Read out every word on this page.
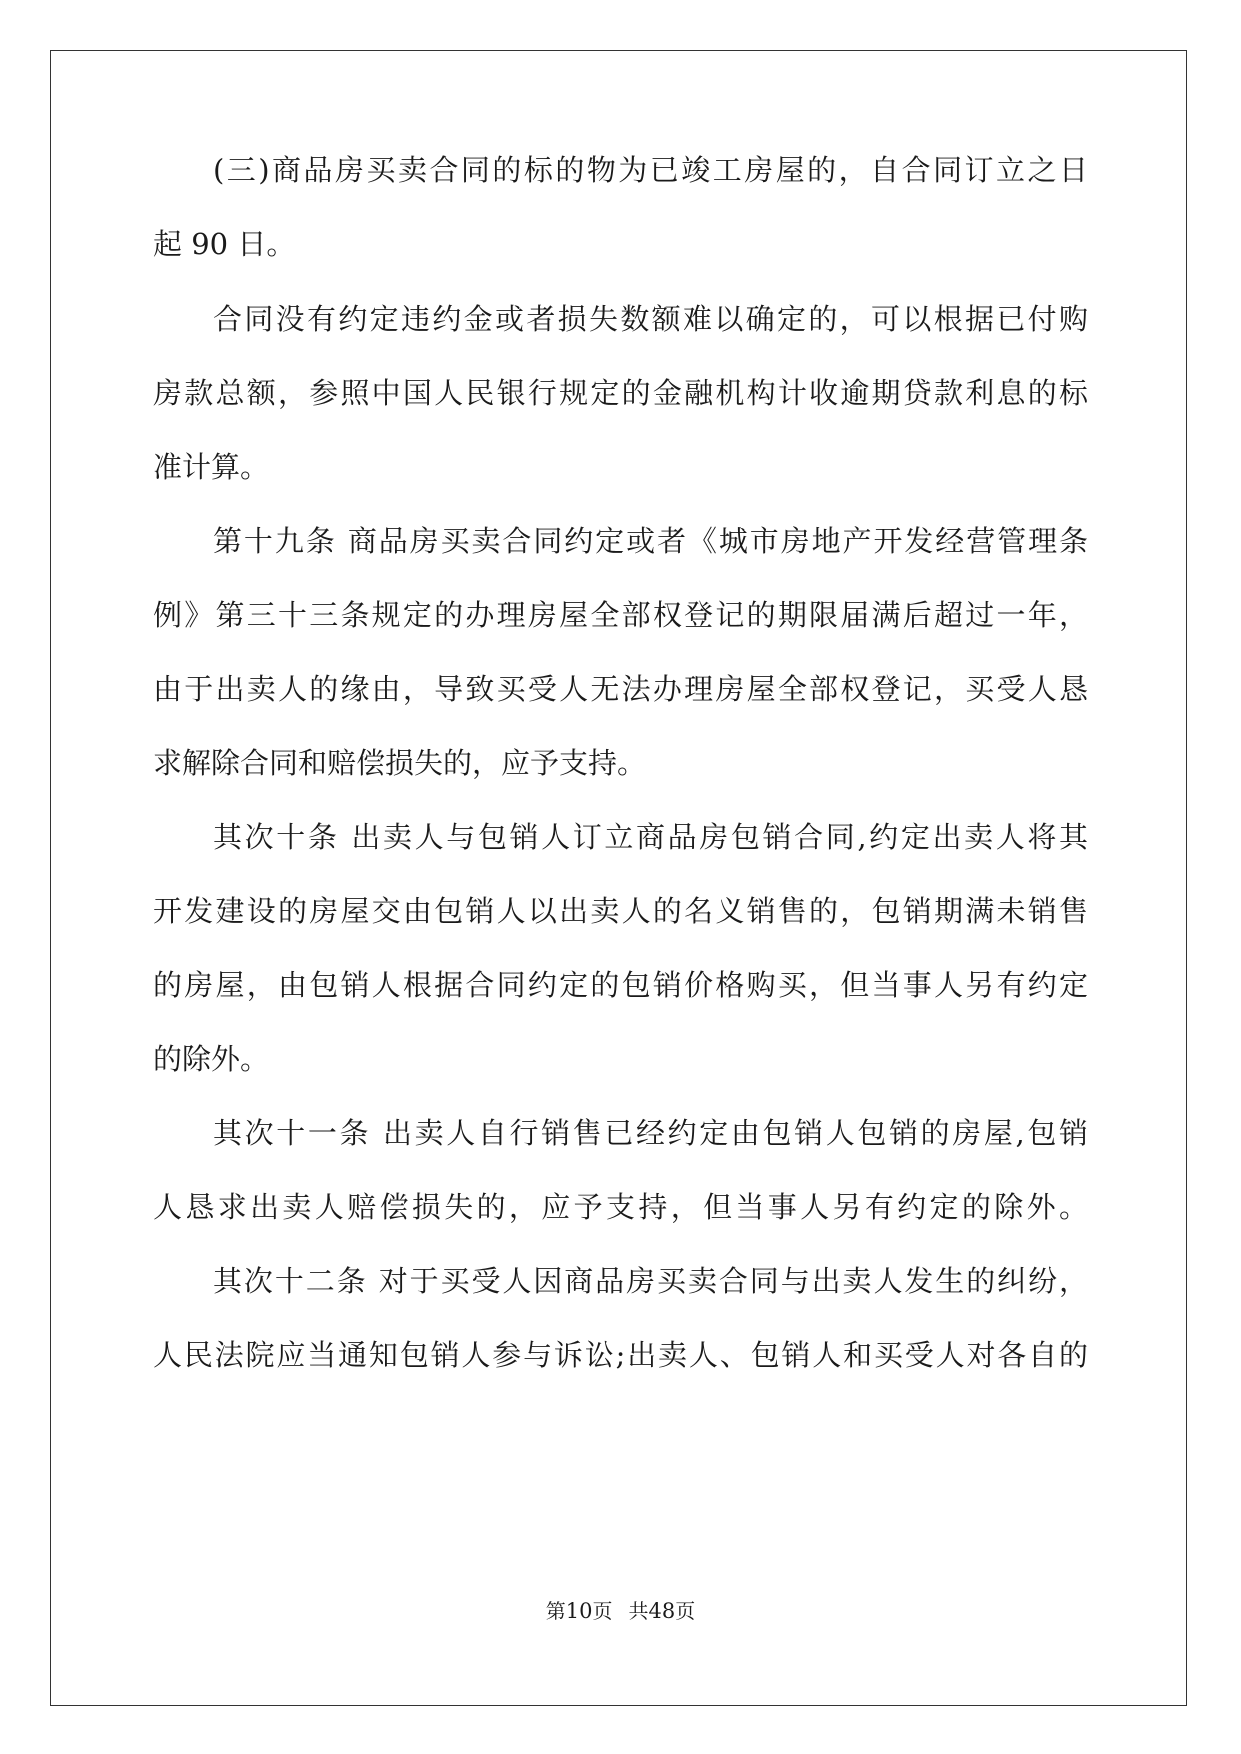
(三)商品房买卖合同的标的物为已竣工房屋的，自合同订立之日
起 90 日。
合同没有约定违约金或者损失数额难以确定的，可以根据已付购
房款总额，参照中国人民银行规定的金融机构计收逾期贷款利息的标
准计算。
第十九条 商品房买卖合同约定或者《城市房地产开发经营管理条
例》第三十三条规定的办理房屋全部权登记的期限届满后超过一年，
由于出卖人的缘由，导致买受人无法办理房屋全部权登记，买受人恳
求解除合同和赔偿损失的，应予支持。
其次十条 出卖人与包销人订立商品房包销合同,约定出卖人将其
开发建设的房屋交由包销人以出卖人的名义销售的，包销期满未销售
的房屋，由包销人根据合同约定的包销价格购买，但当事人另有约定
的除外。
其次十一条 出卖人自行销售已经约定由包销人包销的房屋,包销
人恳求出卖人赔偿损失的，应予支持，但当事人另有约定的除外。
其次十二条 对于买受人因商品房买卖合同与出卖人发生的纠纷，
人民法院应当通知包销人参与诉讼;出卖人、包销人和买受人对各自的
第10页 共48页
